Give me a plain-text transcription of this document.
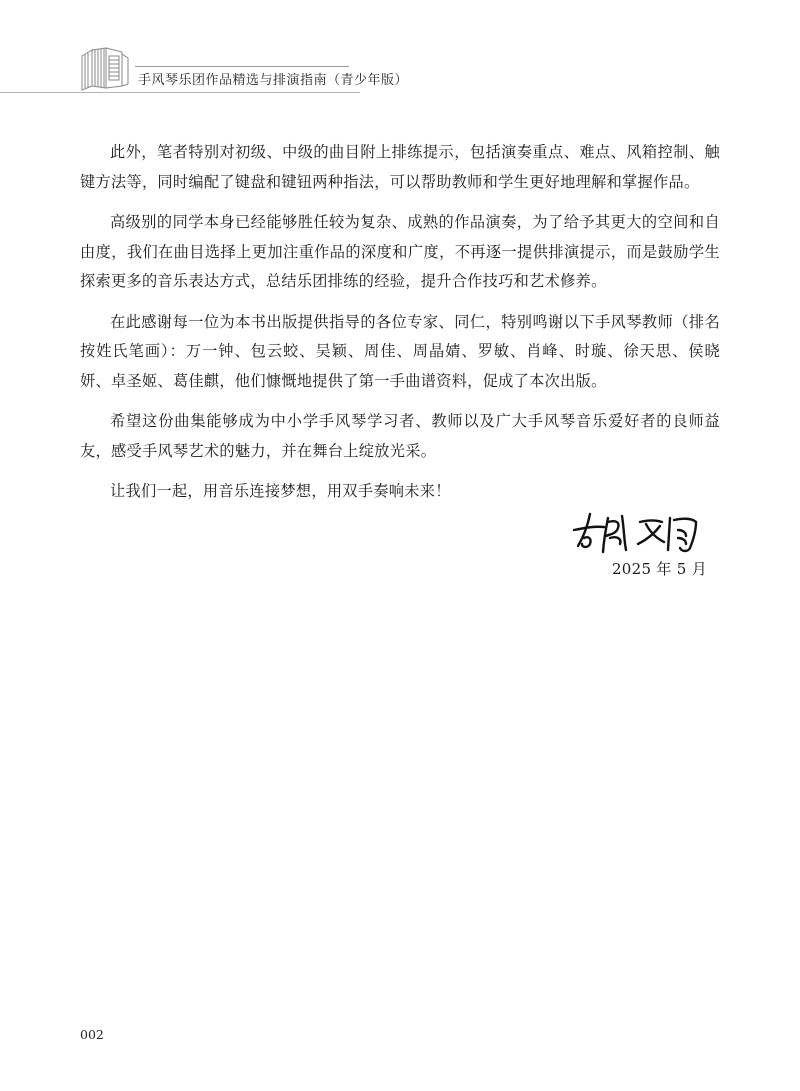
手风琴乐团作品精选与排演指南（青少年版）

此外，笔者特别对初级、中级的曲目附上排练提示，包括演奏重点、难点、风箱控制、触键方法等，同时编配了键盘和键钮两种指法，可以帮助教师和学生更好地理解和掌握作品。

高级别的同学本身已经能够胜任较为复杂、成熟的作品演奏，为了给予其更大的空间和自由度，我们在曲目选择上更加注重作品的深度和广度，不再逐一提供排演提示，而是鼓励学生探索更多的音乐表达方式，总结乐团排练的经验，提升合作技巧和艺术修养。

在此感谢每一位为本书出版提供指导的各位专家、同仁，特别鸣谢以下手风琴教师（排名按姓氏笔画）：万一钟、包云蛟、吴颖、周佳、周晶婧、罗敏、肖峰、时璇、徐天思、侯晓妍、卓圣姬、葛佳麒，他们慷慨地提供了第一手曲谱资料，促成了本次出版。

希望这份曲集能够成为中小学手风琴学习者、教师以及广大手风琴音乐爱好者的良师益友，感受手风琴艺术的魅力，并在舞台上绽放光采。

让我们一起，用音乐连接梦想，用双手奏响未来！

2025 年 5 月
002
